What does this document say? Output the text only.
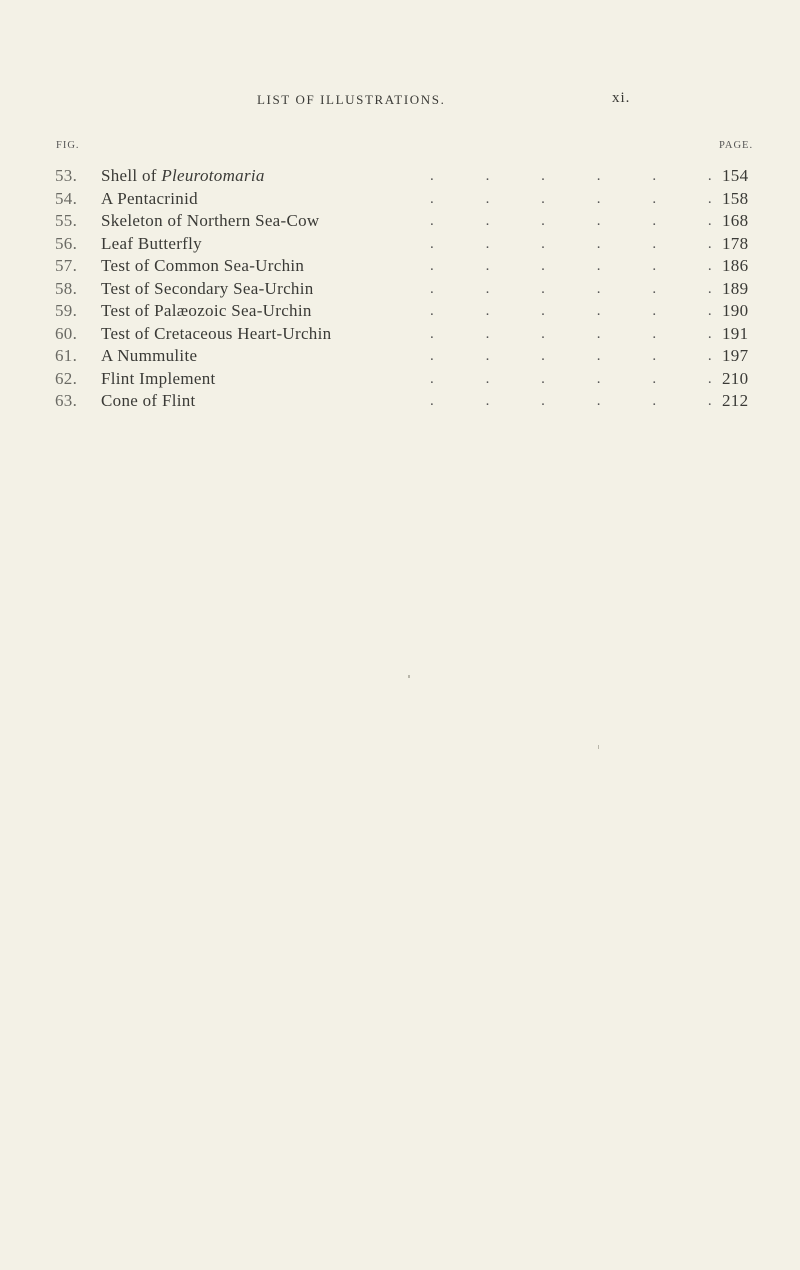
LIST OF ILLUSTRATIONS.	xi.
FIG.	PAGE.
53. Shell of Pleurotomaria	.	.	.	.	.	. 154
54. A Pentacrinid	.	.	.	.	.	. 158
55. Skeleton of Northern Sea-Cow	.	.	.	.	.	. 168
56. Leaf Butterfly	.	.	.	.	.	. 178
57. Test of Common Sea-Urchin	.	.	.	.	.	. 186
58. Test of Secondary Sea-Urchin	.	.	.	.	.	. 189
59. Test of Palæozoic Sea-Urchin	.	.	.	.	.	. 190
60. Test of Cretaceous Heart-Urchin	.	.	.	.	.	. 191
61. A Nummulite	.	.	.	.	.	. 197
62. Flint Implement	.	.	.	.	.	. 210
63. Cone of Flint	.	.	.	.	.	. 212
